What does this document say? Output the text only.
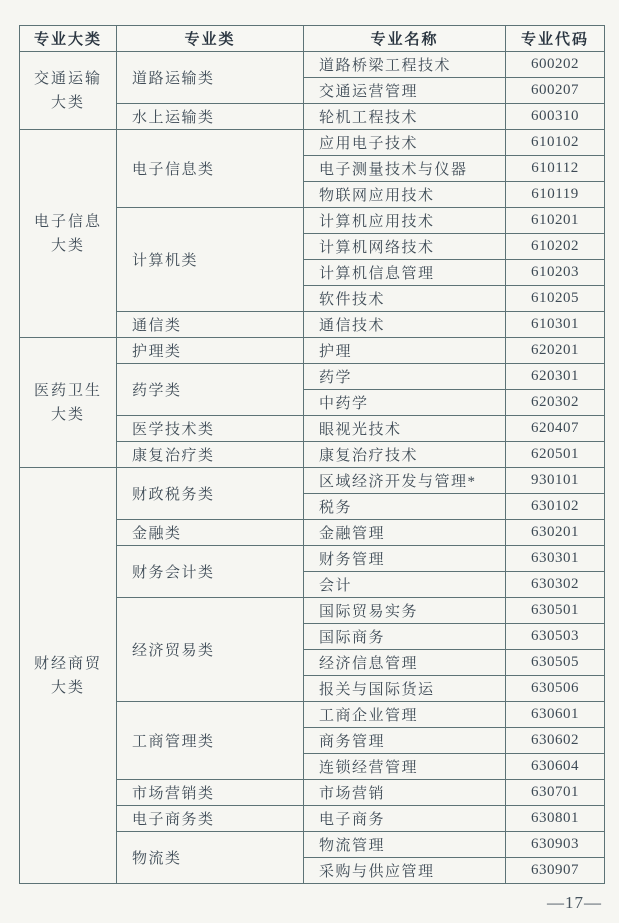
专业大类	专业类	专业名称	专业代码
交通运输大类	道路运输类	道路桥梁工程技术	600202
		交通运营管理	600207
	水上运输类	轮机工程技术	600310
电子信息大类	电子信息类	应用电子技术	610102
		电子测量技术与仪器	610112
		物联网应用技术	610119
	计算机类	计算机应用技术	610201
		计算机网络技术	610202
		计算机信息管理	610203
		软件技术	610205
	通信类	通信技术	610301
医药卫生大类	护理类	护理	620201
	药学类	药学	620301
		中药学	620302
	医学技术类	眼视光技术	620407
	康复治疗类	康复治疗技术	620501
财经商贸大类	财政税务类	区域经济开发与管理*	930101
		税务	630102
	金融类	金融管理	630201
	财务会计类	财务管理	630301
		会计	630302
	经济贸易类	国际贸易实务	630501
		国际商务	630503
		经济信息管理	630505
		报关与国际货运	630506
	工商管理类	工商企业管理	630601
		商务管理	630602
		连锁经营管理	630604
	市场营销类	市场营销	630701
	电子商务类	电子商务	630801
	物流类	物流管理	630903
		采购与供应管理	630907
—17—
